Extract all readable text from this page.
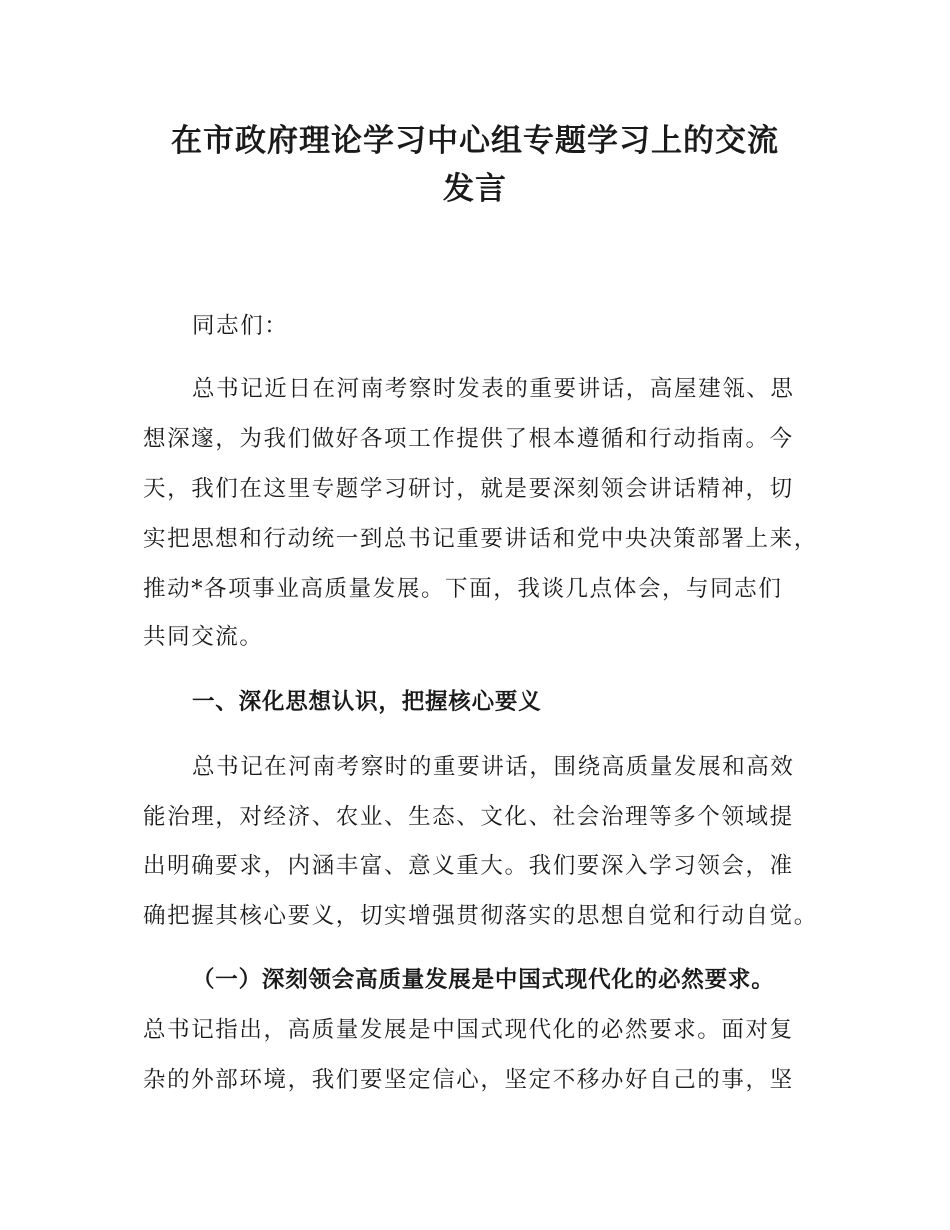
在市政府理论学习中心组专题学习上的交流
发言
同志们：
总书记近日在河南考察时发表的重要讲话，高屋建瓴、思
想深邃，为我们做好各项工作提供了根本遵循和行动指南。今
天，我们在这里专题学习研讨，就是要深刻领会讲话精神，切
实把思想和行动统一到总书记重要讲话和党中央决策部署上来，
推动*各项事业高质量发展。下面，我谈几点体会，与同志们
共同交流。
一、深化思想认识，把握核心要义
总书记在河南考察时的重要讲话，围绕高质量发展和高效
能治理，对经济、农业、生态、文化、社会治理等多个领域提
出明确要求，内涵丰富、意义重大。我们要深入学习领会，准
确把握其核心要义，切实增强贯彻落实的思想自觉和行动自觉。
（一）深刻领会高质量发展是中国式现代化的必然要求。
总书记指出，高质量发展是中国式现代化的必然要求。面对复
杂的外部环境，我们要坚定信心，坚定不移办好自己的事，坚
